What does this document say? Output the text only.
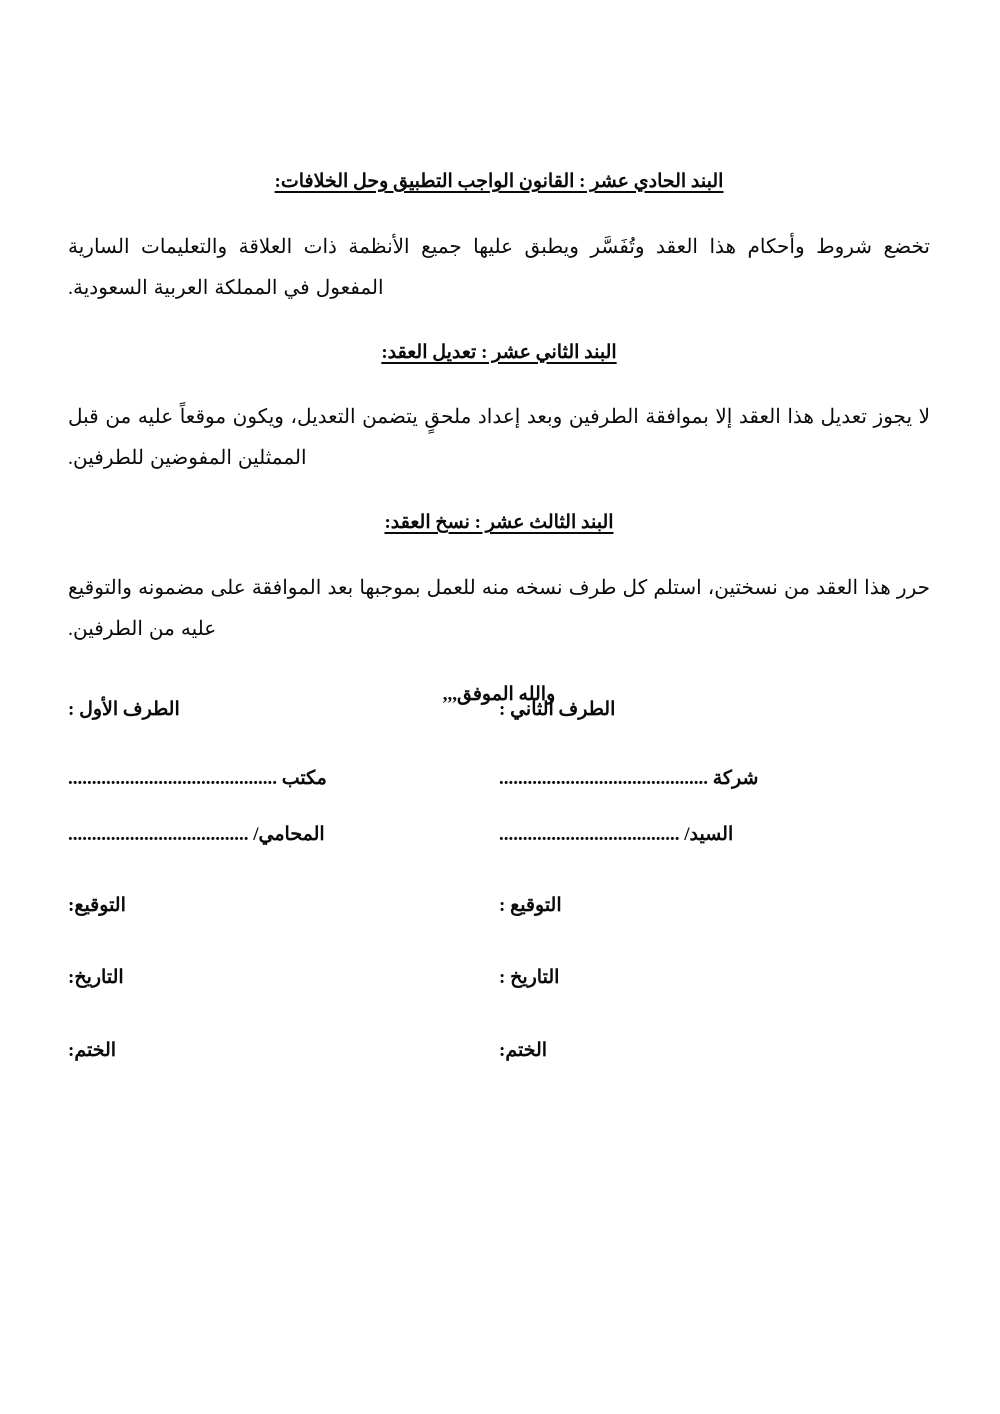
البند الحادي عشر : القانون الواجب التطبيق وحل الخلافات:

تخضع شروط وأحكام هذا العقد وتُفَسَّر ويطبق عليها جميع الأنظمة ذات العلاقة والتعليمات السارية المفعول في المملكة العربية السعودية.

البند الثاني عشر : تعديل العقد:

لا يجوز تعديل هذا العقد إلا بموافقة الطرفين وبعد إعداد ملحقٍ يتضمن التعديل، ويكون موقعاً عليه من قبل الممثلين المفوضين للطرفين.

البند الثالث عشر : نسخ العقد:

حرر هذا العقد من نسختين، استلم كل طرف نسخه منه للعمل بموجبها بعد الموافقة على مضمونه والتوقيع عليه من الطرفين.

والله الموفق,,,

الطرف الثاني :
الطرف الأول :
شركة ............................................
مكتب ............................................
السيد/ ......................................
المحامي/ ......................................
التوقيع :
التوقيع:
التاريخ :
التاريخ:
الختم:
الختم:
